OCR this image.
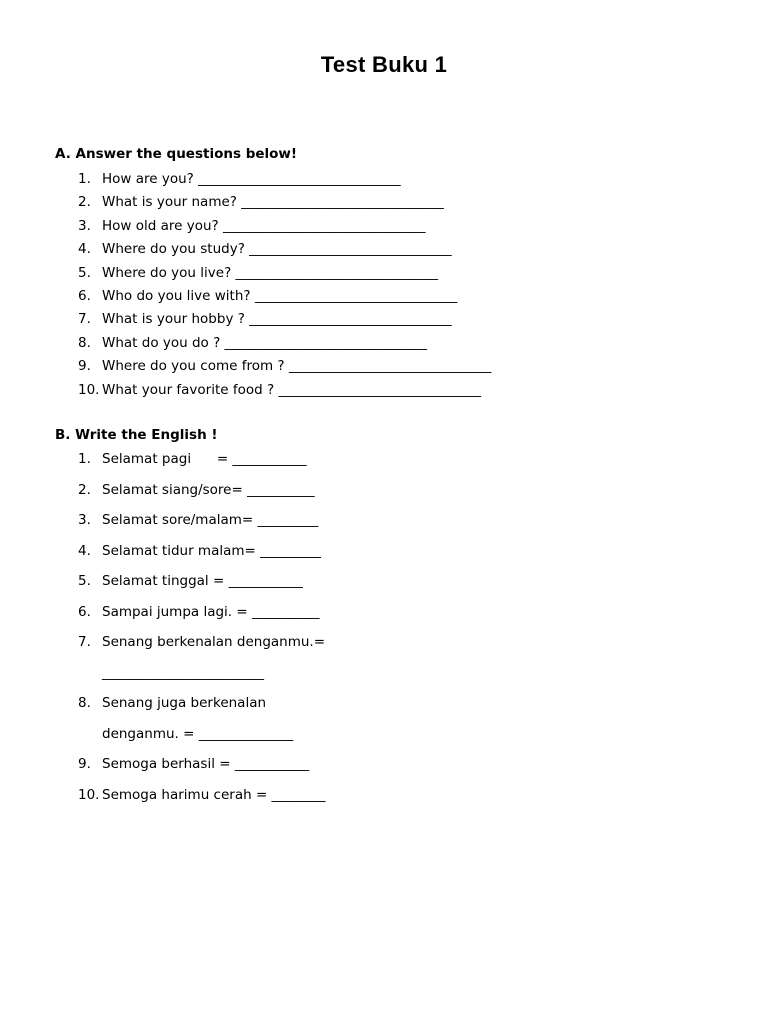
Test Buku 1
A. Answer the questions below!
1. How are you? ______________________________
2. What is your name? ______________________________
3. How old are you? ______________________________
4. Where do you study? ______________________________
5. Where do you live? ______________________________
6. Who do you live with? ______________________________
7. What is your hobby ? ______________________________
8. What do you do ? ______________________________
9. Where do you come from ? ______________________________
10. What your favorite food ? ______________________________
B. Write the English !
1. Selamat pagi      = ___________
2. Selamat siang/sore= __________
3. Selamat sore/malam= _________
4. Selamat tidur malam= _________
5. Selamat tinggal = ___________
6. Sampai jumpa lagi. = __________
7. Senang berkenalan denganmu.=
________________________
8. Senang juga berkenalan
denganmu. = ______________
9. Semoga berhasil = ___________
10. Semoga harimu cerah = ________
